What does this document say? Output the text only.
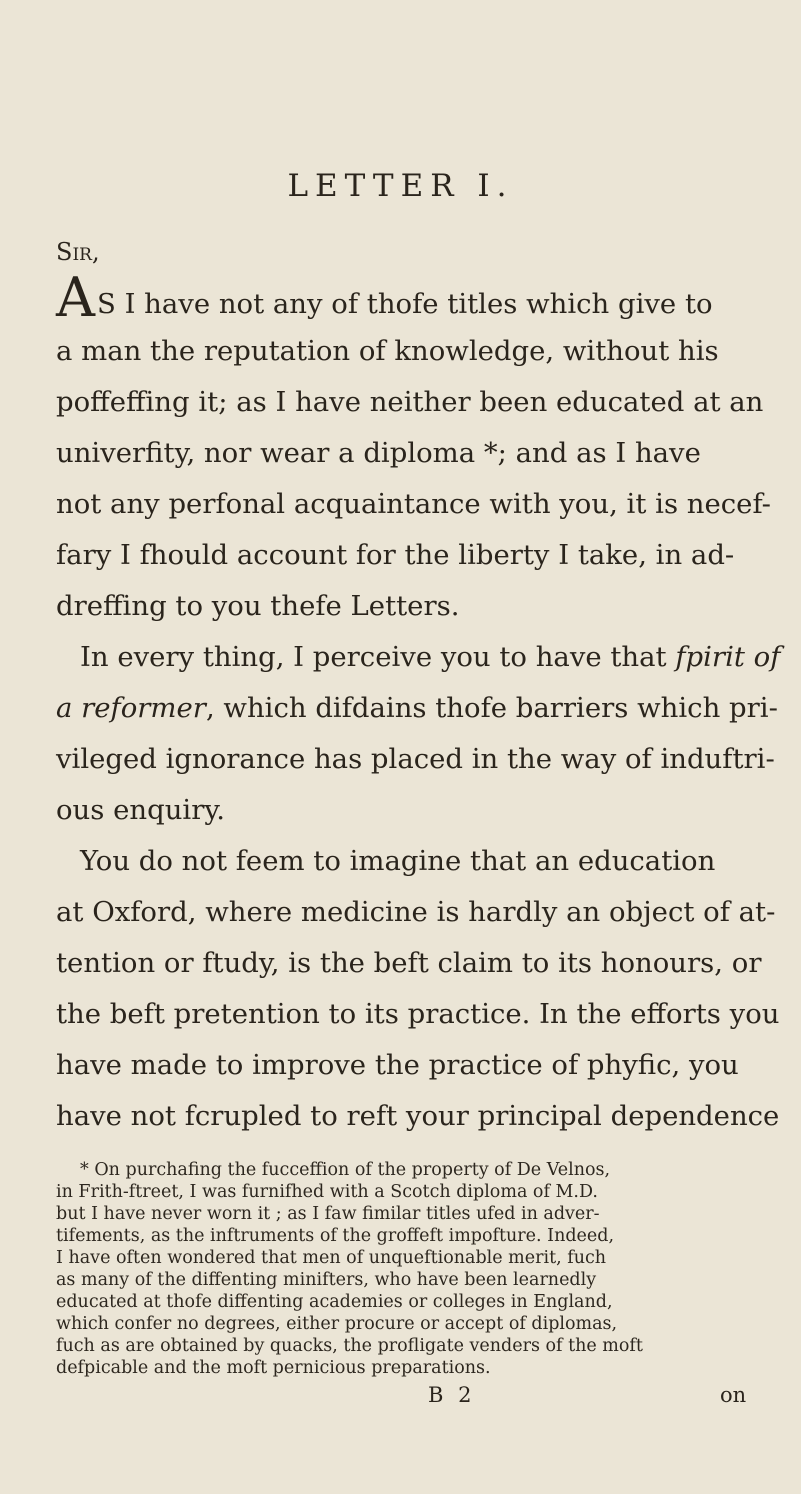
LETTER I.
Sir,
AS I have not any of thofe titles which give to
a man the reputation of knowledge, without his
poffeffing it; as I have neither been educated at an
univerfity, nor wear a diploma *; and as I have
not any perfonal acquaintance with you, it is necef-
fary I fhould account for the liberty I take, in ad-
dreffing to you thefe Letters.
In every thing, I perceive you to have that fpirit of
a reformer, which difdains thofe barriers which pri-
vileged ignorance has placed in the way of induftri-
ous enquiry.
You do not feem to imagine that an education
at Oxford, where medicine is hardly an object of at-
tention or ftudy, is the beft claim to its honours, or
the beft pretention to its practice. In the efforts you
have made to improve the practice of phyfic, you
have not fcrupled to reft your principal dependence
* On purchafing the fucceffion of the property of De Velnos,
in Frith-ftreet, I was furnifhed with a Scotch diploma of M.D.
but I have never worn it ; as I faw fimilar titles ufed in adver-
tifements, as the inftruments of the groffeft impofture. Indeed,
I have often wondered that men of unqueftionable merit, fuch
as many of the diffenting minifters, who have been learnedly
educated at thofe diffenting academies or colleges in England,
which confer no degrees, either procure or accept of diplomas,
fuch as are obtained by quacks, the profligate venders of the moft
defpicable and the moft pernicious preparations.
B 2	on
